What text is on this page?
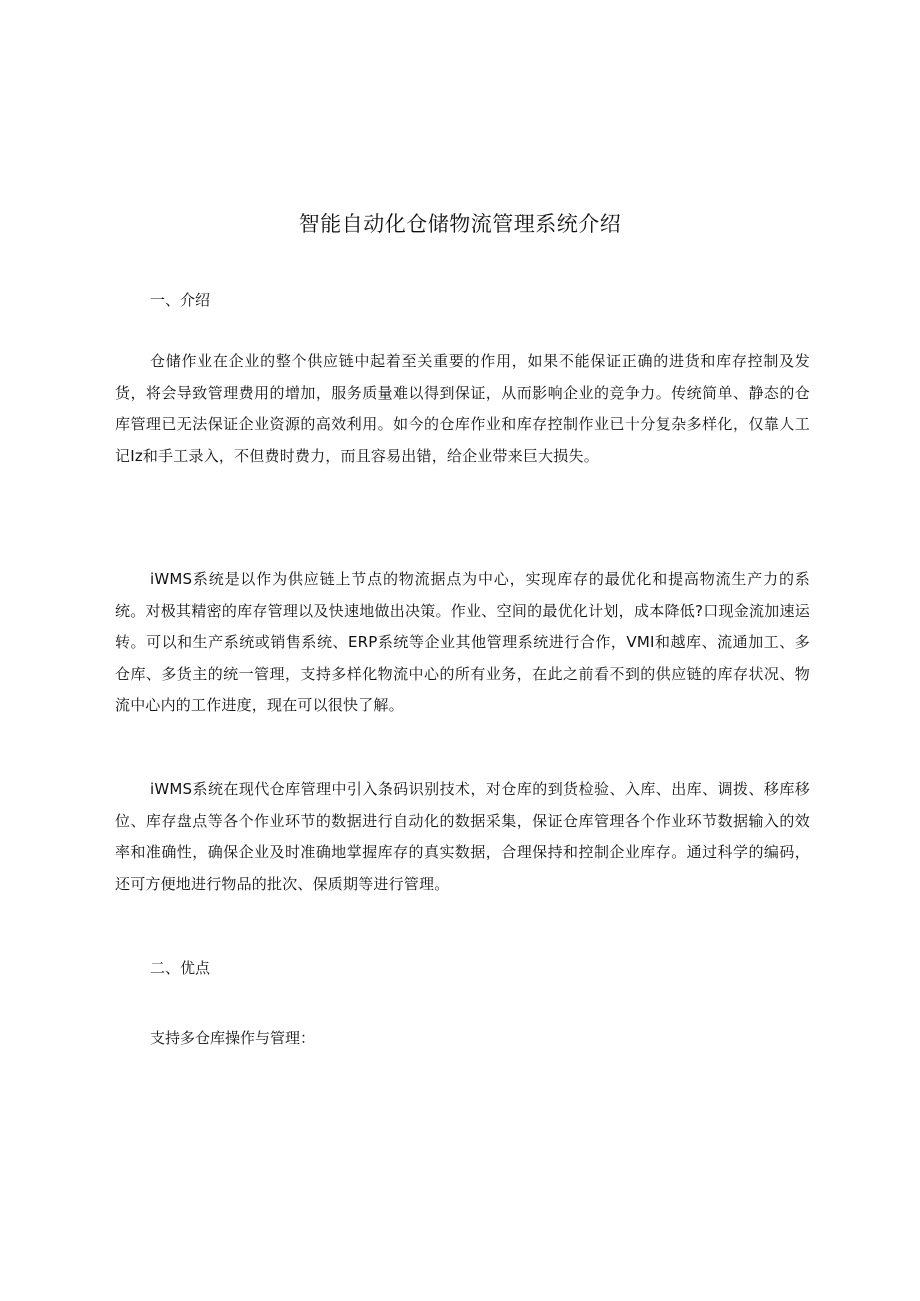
智能自动化仓储物流管理系统介绍
一、介绍

仓储作业在企业的整个供应链中起着至关重要的作用，如果不能保证正确的进货和库存控制及发货，将会导致管理费用的增加，服务质量难以得到保证，从而影响企业的竞争力。传统简单、静态的仓库管理已无法保证企业资源的高效利用。如今的仓库作业和库存控制作业已十分复杂多样化，仅靠人工记Iz和手工录入，不但费时费力，而且容易出错，给企业带来巨大损失。

iWMS系统是以作为供应链上节点的物流据点为中心，实现库存的最优化和提高物流生产力的系统。对极其精密的库存管理以及快速地做出决策。作业、空间的最优化计划，成本降低?口现金流加速运转。可以和生产系统或销售系统、ERP系统等企业其他管理系统进行合作，VMI和越库、流通加工、多仓库、多货主的统一管理，支持多样化物流中心的所有业务，在此之前看不到的供应链的库存状况、物流中心内的工作进度，现在可以很快了解。

iWMS系统在现代仓库管理中引入条码识别技术，对仓库的到货检验、入库、出库、调拨、移库移位、库存盘点等各个作业环节的数据进行自动化的数据采集，保证仓库管理各个作业环节数据输入的效率和准确性，确保企业及时准确地掌握库存的真实数据，合理保持和控制企业库存。通过科学的编码，还可方便地进行物品的批次、保质期等进行管理。

二、优点

支持多仓库操作与管理：
